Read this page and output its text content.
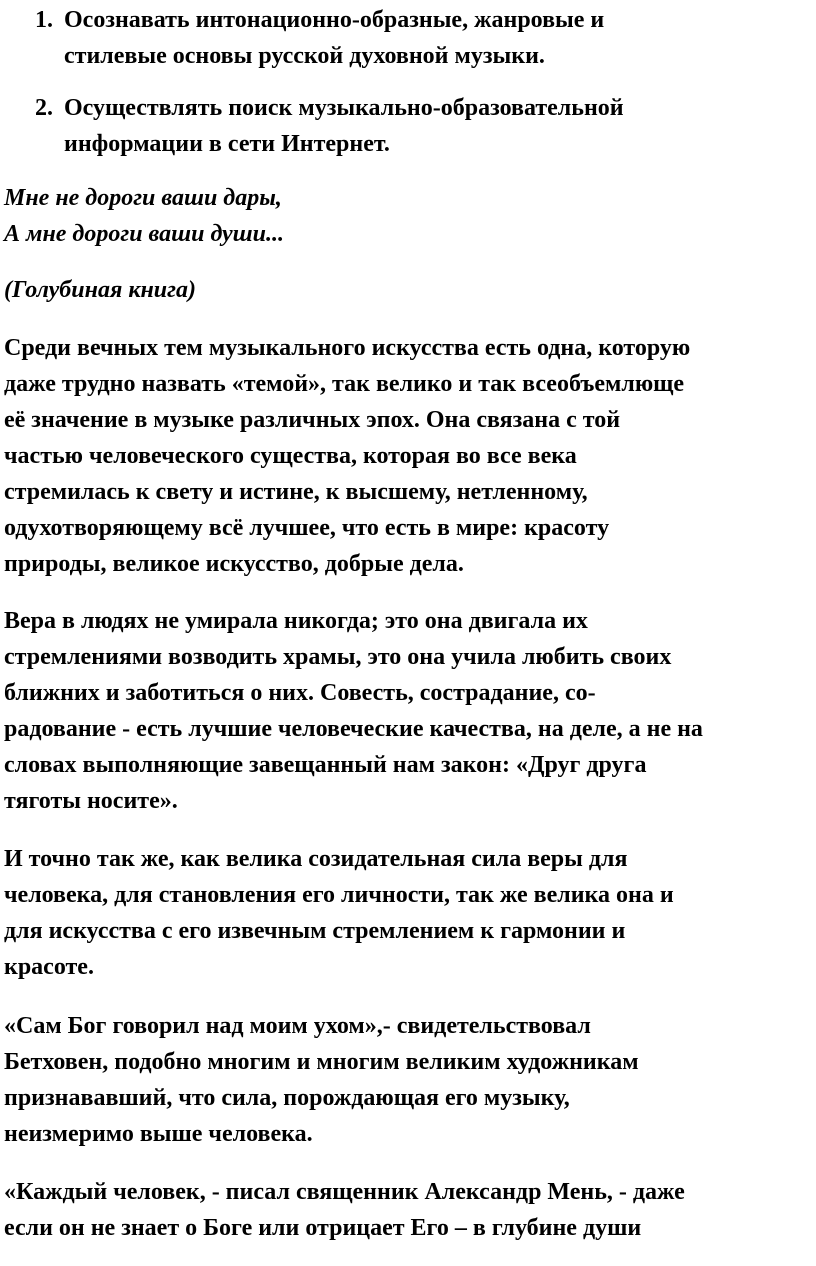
1. Осознавать интонационно-образные, жанровые и
стилевые основы русской духовной музыки.
2. Осуществлять поиск музыкально-образовательной
информации в сети Интернет.
Мне не дороги ваши дары,
А мне дороги ваши души...
(Голубиная книга)
Среди вечных тем музыкального искусства есть одна, которую
даже трудно назвать «темой», так велико и так всеобъемлюще
её значение в музыке различных эпох. Она связана с той
частью человеческого существа, которая во все века
стремилась к свету и истине, к высшему, нетленному,
одухотворяющему всё лучшее, что есть в мире: красоту
природы, великое искусство, добрые дела.
Вера в людях не умирала никогда; это она двигала их
стремлениями возводить храмы, это она учила любить своих
ближних и заботиться о них. Совесть, сострадание, со-
радование - есть лучшие человеческие качества, на деле, а не на
словах выполняющие завещанный нам закон: «Друг друга
тяготы носите».
И точно так же, как велика созидательная сила веры для
человека, для становления его личности, так же велика она и
для искусства с его извечным стремлением к гармонии и
красоте.
«Сам Бог говорил над моим ухом»,- свидетельствовал
Бетховен, подобно многим и многим великим художникам
признававший, что сила, порождающая его музыку,
неизмеримо выше человека.
«Каждый человек, - писал священник Александр Мень, - даже
если он не знает о Боге или отрицает Его – в глубине души
